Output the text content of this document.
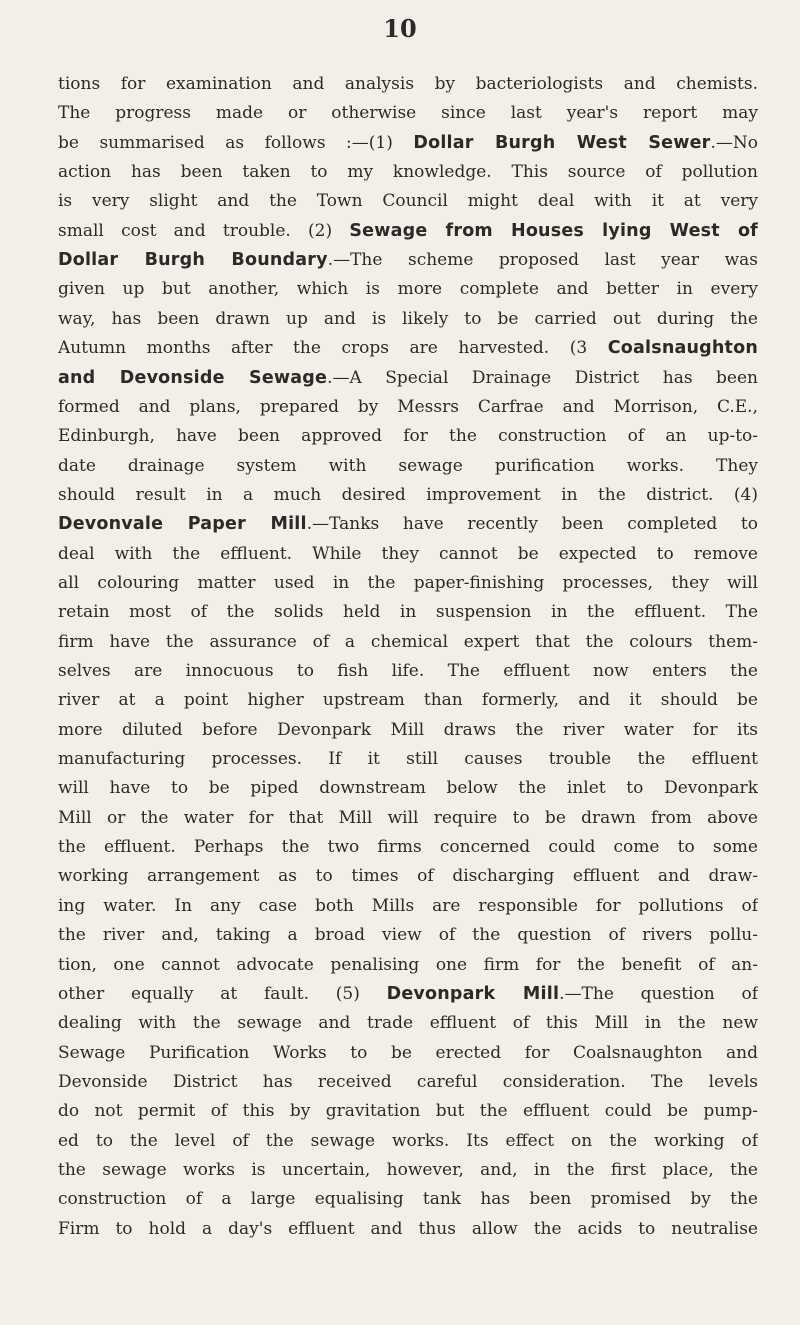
10
tions for examination and analysis by bacteriologists and chemists.
The progress made or otherwise since last year's report may
be summarised as follows :—(1) Dollar Burgh West Sewer.—No
action has been taken to my knowledge. This source of pollution
is very slight and the Town Council might deal with it at very
small cost and trouble. (2) Sewage from Houses lying West of
Dollar Burgh Boundary.—The scheme proposed last year was
given up but another, which is more complete and better in every
way, has been drawn up and is likely to be carried out during the
Autumn months after the crops are harvested. (3 Coalsnaughton
and Devonside Sewage.—A Special Drainage District has been
formed and plans, prepared by Messrs Carfrae and Morrison, C.E.,
Edinburgh, have been approved for the construction of an up-to-
date drainage system with sewage purification works. They
should result in a much desired improvement in the district. (4)
Devonvale Paper Mill.—Tanks have recently been completed to
deal with the effluent. While they cannot be expected to remove
all colouring matter used in the paper-finishing processes, they will
retain most of the solids held in suspension in the effluent. The
firm have the assurance of a chemical expert that the colours them-
selves are innocuous to fish life. The effluent now enters the
river at a point higher upstream than formerly, and it should be
more diluted before Devonpark Mill draws the river water for its
manufacturing processes. If it still causes trouble the effluent
will have to be piped downstream below the inlet to Devonpark
Mill or the water for that Mill will require to be drawn from above
the effluent. Perhaps the two firms concerned could come to some
working arrangement as to times of discharging effluent and draw-
ing water. In any case both Mills are responsible for pollutions of
the river and, taking a broad view of the question of rivers pollu-
tion, one cannot advocate penalising one firm for the benefit of an-
other equally at fault. (5) Devonpark Mill.—The question of
dealing with the sewage and trade effluent of this Mill in the new
Sewage Purification Works to be erected for Coalsnaughton and
Devonside District has received careful consideration. The levels
do not permit of this by gravitation but the effluent could be pump-
ed to the level of the sewage works. Its effect on the working of
the sewage works is uncertain, however, and, in the first place, the
construction of a large equalising tank has been promised by the
Firm to hold a day's effluent and thus allow the acids to neutralise
